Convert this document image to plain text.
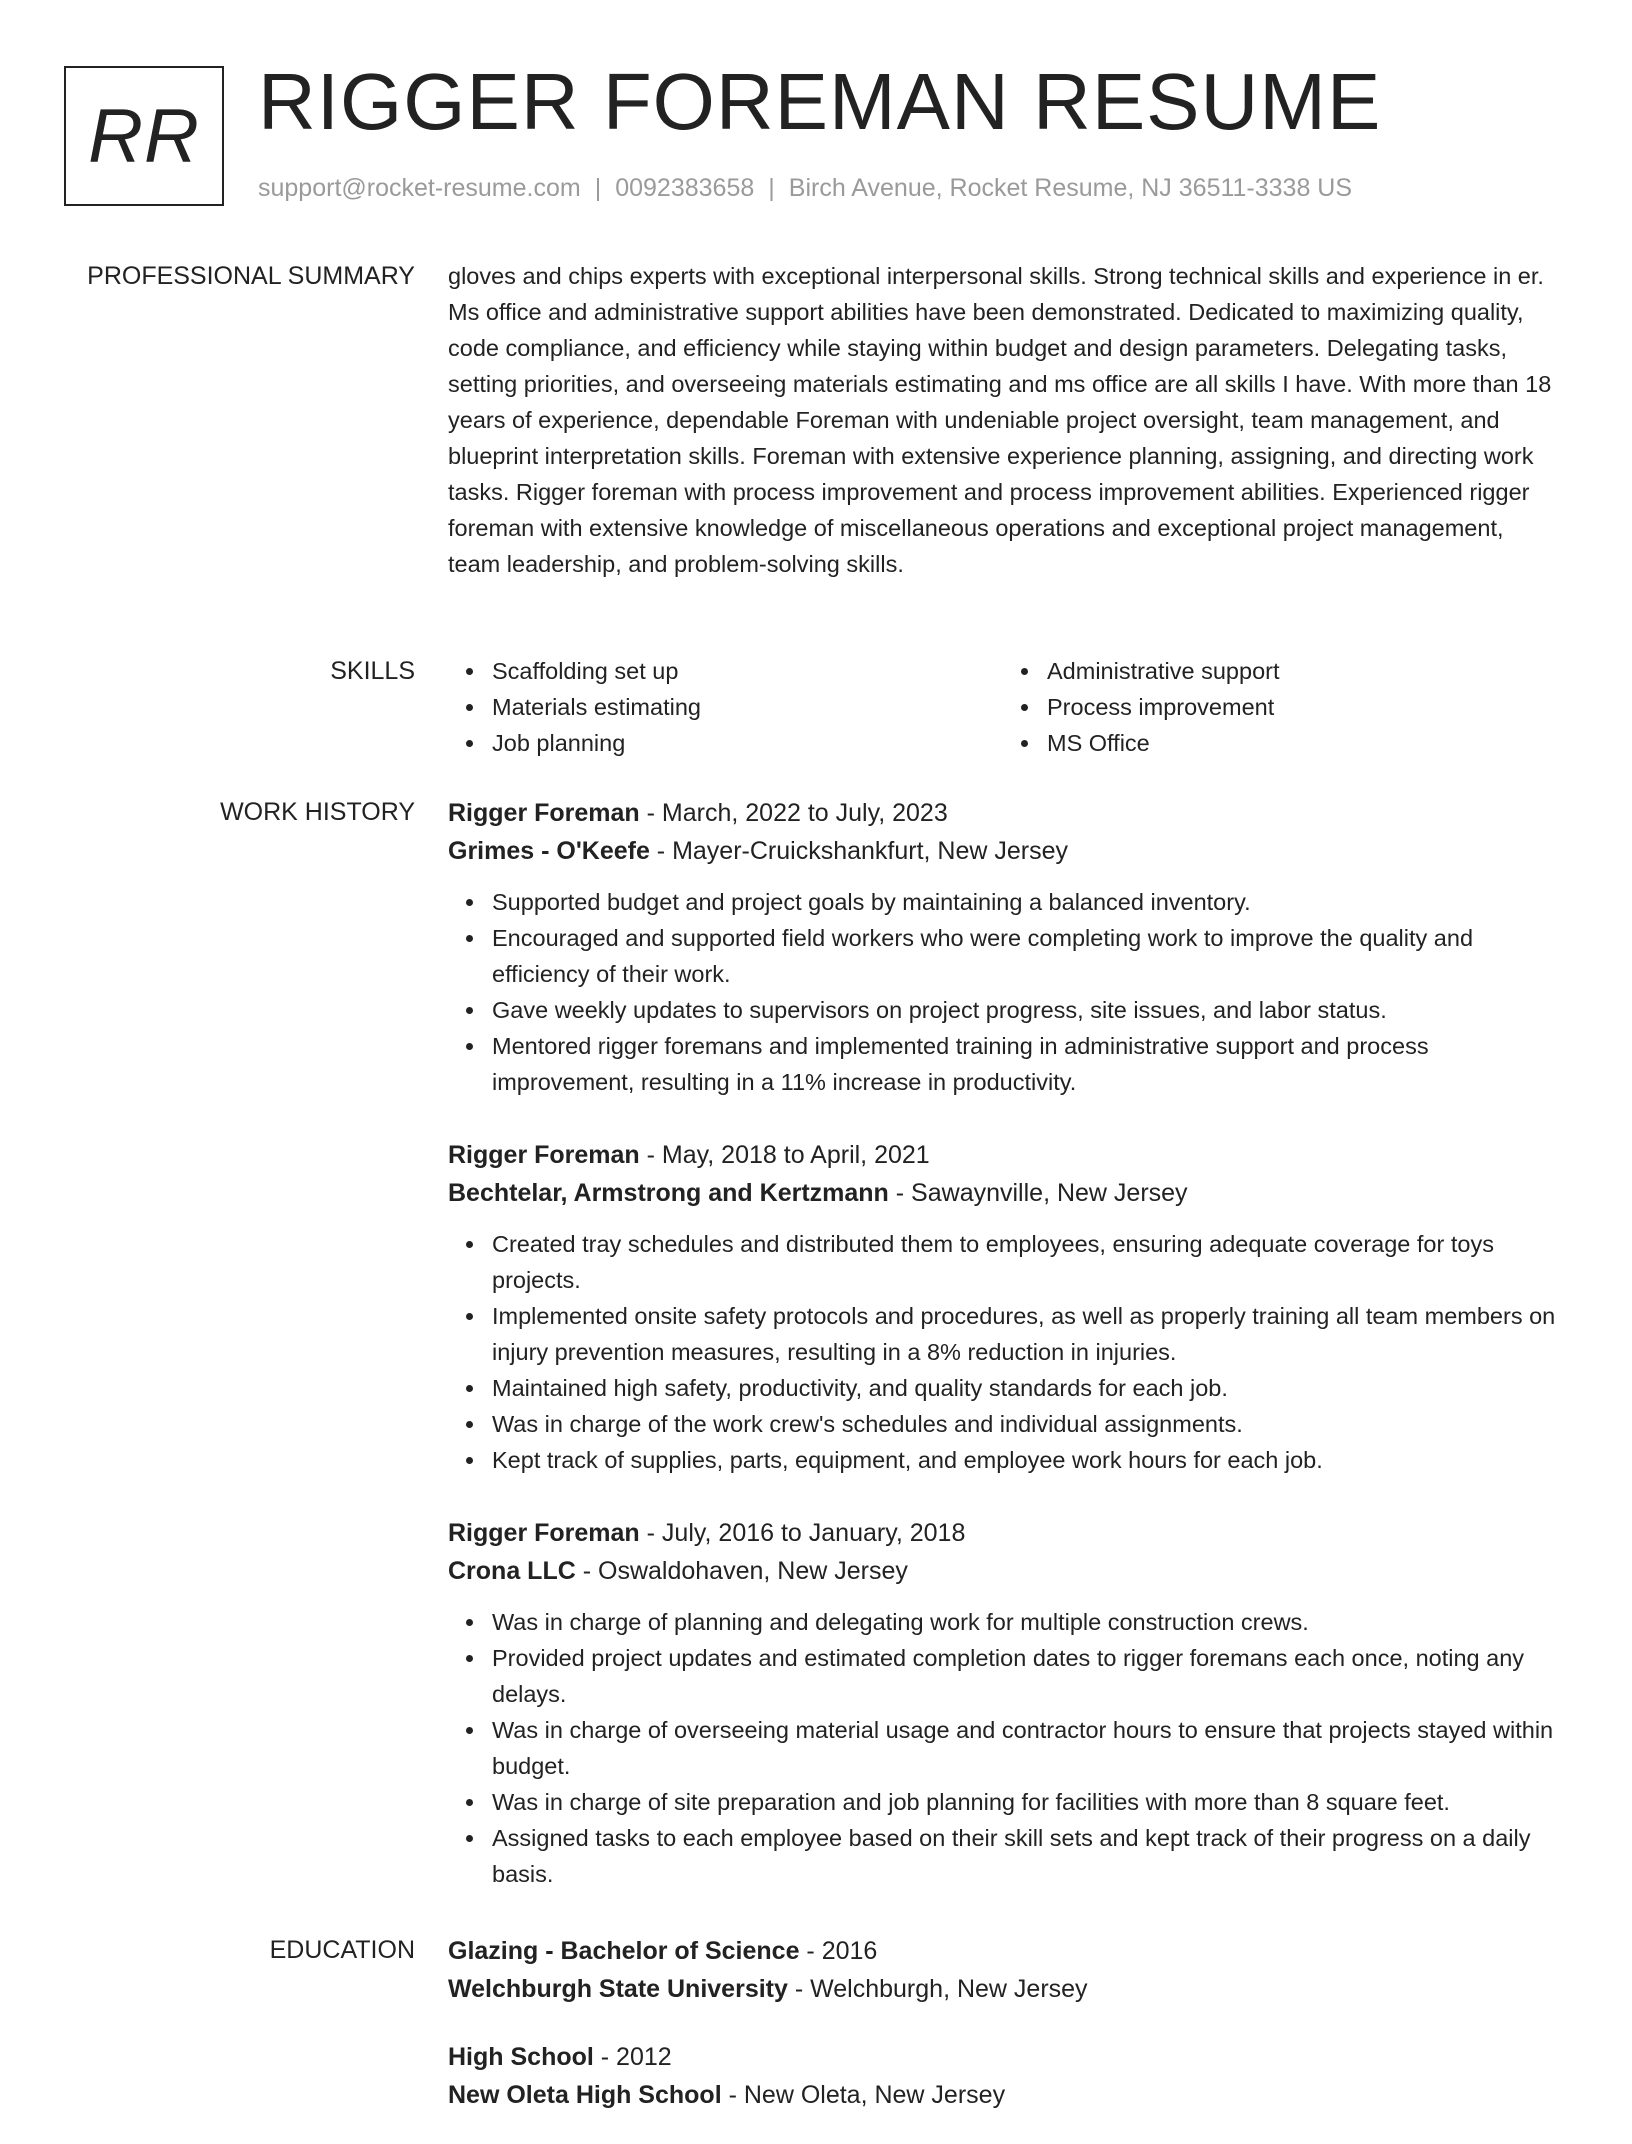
RR RIGGER FOREMAN RESUME
support@rocket-resume.com | 0092383658 | Birch Avenue, Rocket Resume, NJ 36511-3338 US
PROFESSIONAL SUMMARY gloves and chips experts with exceptional interpersonal skills. Strong technical skills and experience in er. Ms office and administrative support abilities have been demonstrated. Dedicated to maximizing quality, code compliance, and efficiency while staying within budget and design parameters. Delegating tasks, setting priorities, and overseeing materials estimating and ms office are all skills I have. With more than 18 years of experience, dependable Foreman with undeniable project oversight, team management, and blueprint interpretation skills. Foreman with extensive experience planning, assigning, and directing work tasks. Rigger foreman with process improvement and process improvement abilities. Experienced rigger foreman with extensive knowledge of miscellaneous operations and exceptional project management, team leadership, and problem-solving skills.

SKILLS	Scaffolding set up
Materials estimating
Job planning
Administrative support
Process improvement
MS Office
WORK HISTORY Rigger Foreman - March, 2022 to July, 2023
Grimes - O'Keefe - Mayer-Cruickshankfurt, New Jersey
Supported budget and project goals by maintaining a balanced inventory.
Encouraged and supported field workers who were completing work to improve the quality and efficiency of their work.
Gave weekly updates to supervisors on project progress, site issues, and labor status.
Mentored rigger foremans and implemented training in administrative support and process improvement, resulting in a 11% increase in productivity.
Rigger Foreman - May, 2018 to April, 2021
Bechtelar, Armstrong and Kertzmann - Sawaynville, New Jersey
Created tray schedules and distributed them to employees, ensuring adequate coverage for toys projects.
Implemented onsite safety protocols and procedures, as well as properly training all team members on injury prevention measures, resulting in a 8% reduction in injuries.
Maintained high safety, productivity, and quality standards for each job.
Was in charge of the work crew's schedules and individual assignments.
Kept track of supplies, parts, equipment, and employee work hours for each job.
Rigger Foreman - July, 2016 to January, 2018
Crona LLC - Oswaldohaven, New Jersey
Was in charge of planning and delegating work for multiple construction crews.
Provided project updates and estimated completion dates to rigger foremans each once, noting any delays.
Was in charge of overseeing material usage and contractor hours to ensure that projects stayed within budget.
Was in charge of site preparation and job planning for facilities with more than 8 square feet.
Assigned tasks to each employee based on their skill sets and kept track of their progress on a daily basis.
EDUCATION Glazing - Bachelor of Science - 2016
Welchburgh State University - Welchburgh, New Jersey
High School - 2012
New Oleta High School - New Oleta, New Jersey
